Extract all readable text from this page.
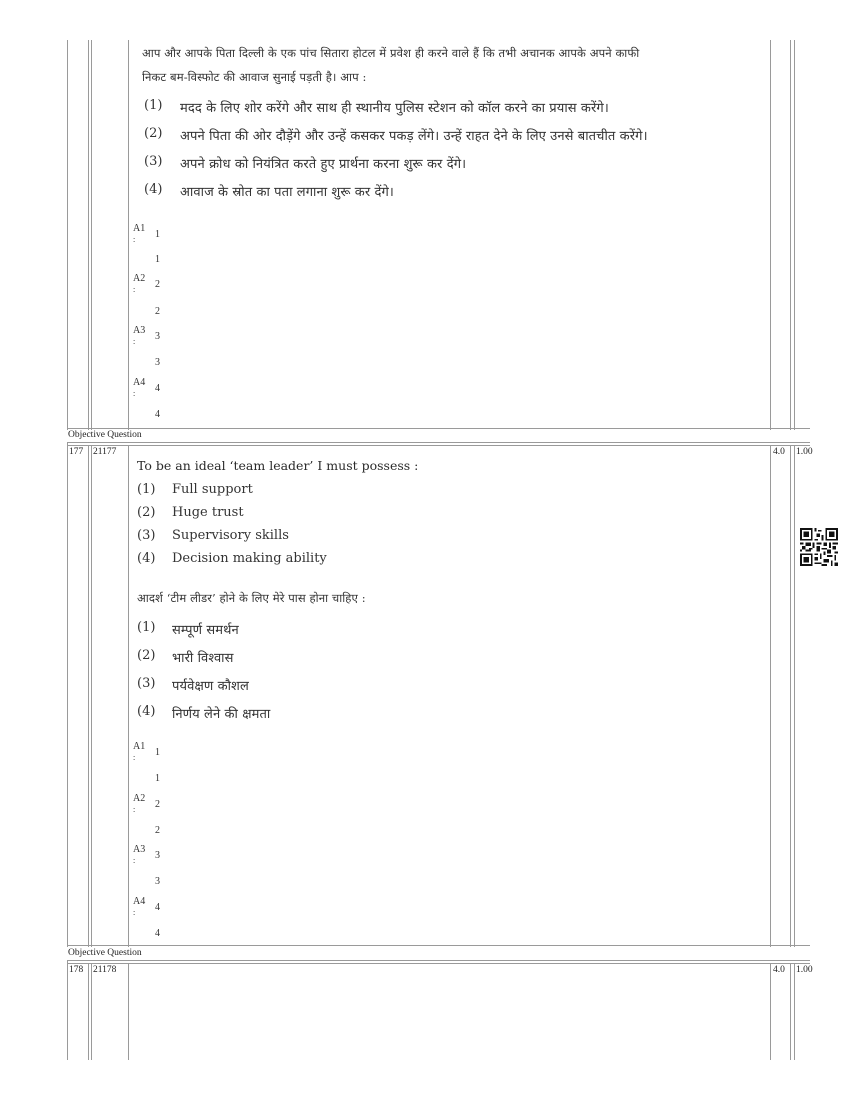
आप और आपके पिता दिल्ली के एक पांच सितारा होटल में प्रवेश ही करने वाले हैं कि तभी अचानक आपके अपने काफी
निकट बम-विस्फोट की आवाज सुनाई पड़ती है। आप :
(1) मदद के लिए शोर करेंगे और साथ ही स्थानीय पुलिस स्टेशन को कॉल करने का प्रयास करेंगे।
(2) अपने पिता की ओर दौड़ेंगे और उन्हें कसकर पकड़ लेंगे। उन्हें राहत देने के लिए उनसे बातचीत करेंगे।
(3) अपने क्रोध को नियंत्रित करते हुए प्रार्थना करना शुरू कर देंगे।
(4) आवाज के स्रोत का पता लगाना शुरू कर देंगे।
A1
: 1
1
A2
: 2
2
A3
: 3
3
A4
: 4
4
Objective Question
177 21177	4.0 1.00
To be an ideal ‘team leader’ I must possess :
(1) Full support
(2) Huge trust
(3) Supervisory skills
(4) Decision making ability
आदर्श ‘टीम लीडर’ होने के लिए मेरे पास होना चाहिए :
(1) सम्पूर्ण समर्थन
(2) भारी विश्वास
(3) पर्यवेक्षण कौशल
(4) निर्णय लेने की क्षमता
A1
: 1
1
A2
: 2
2
A3
: 3
3
A4
: 4
4
Objective Question
178 21178	4.0 1.00
